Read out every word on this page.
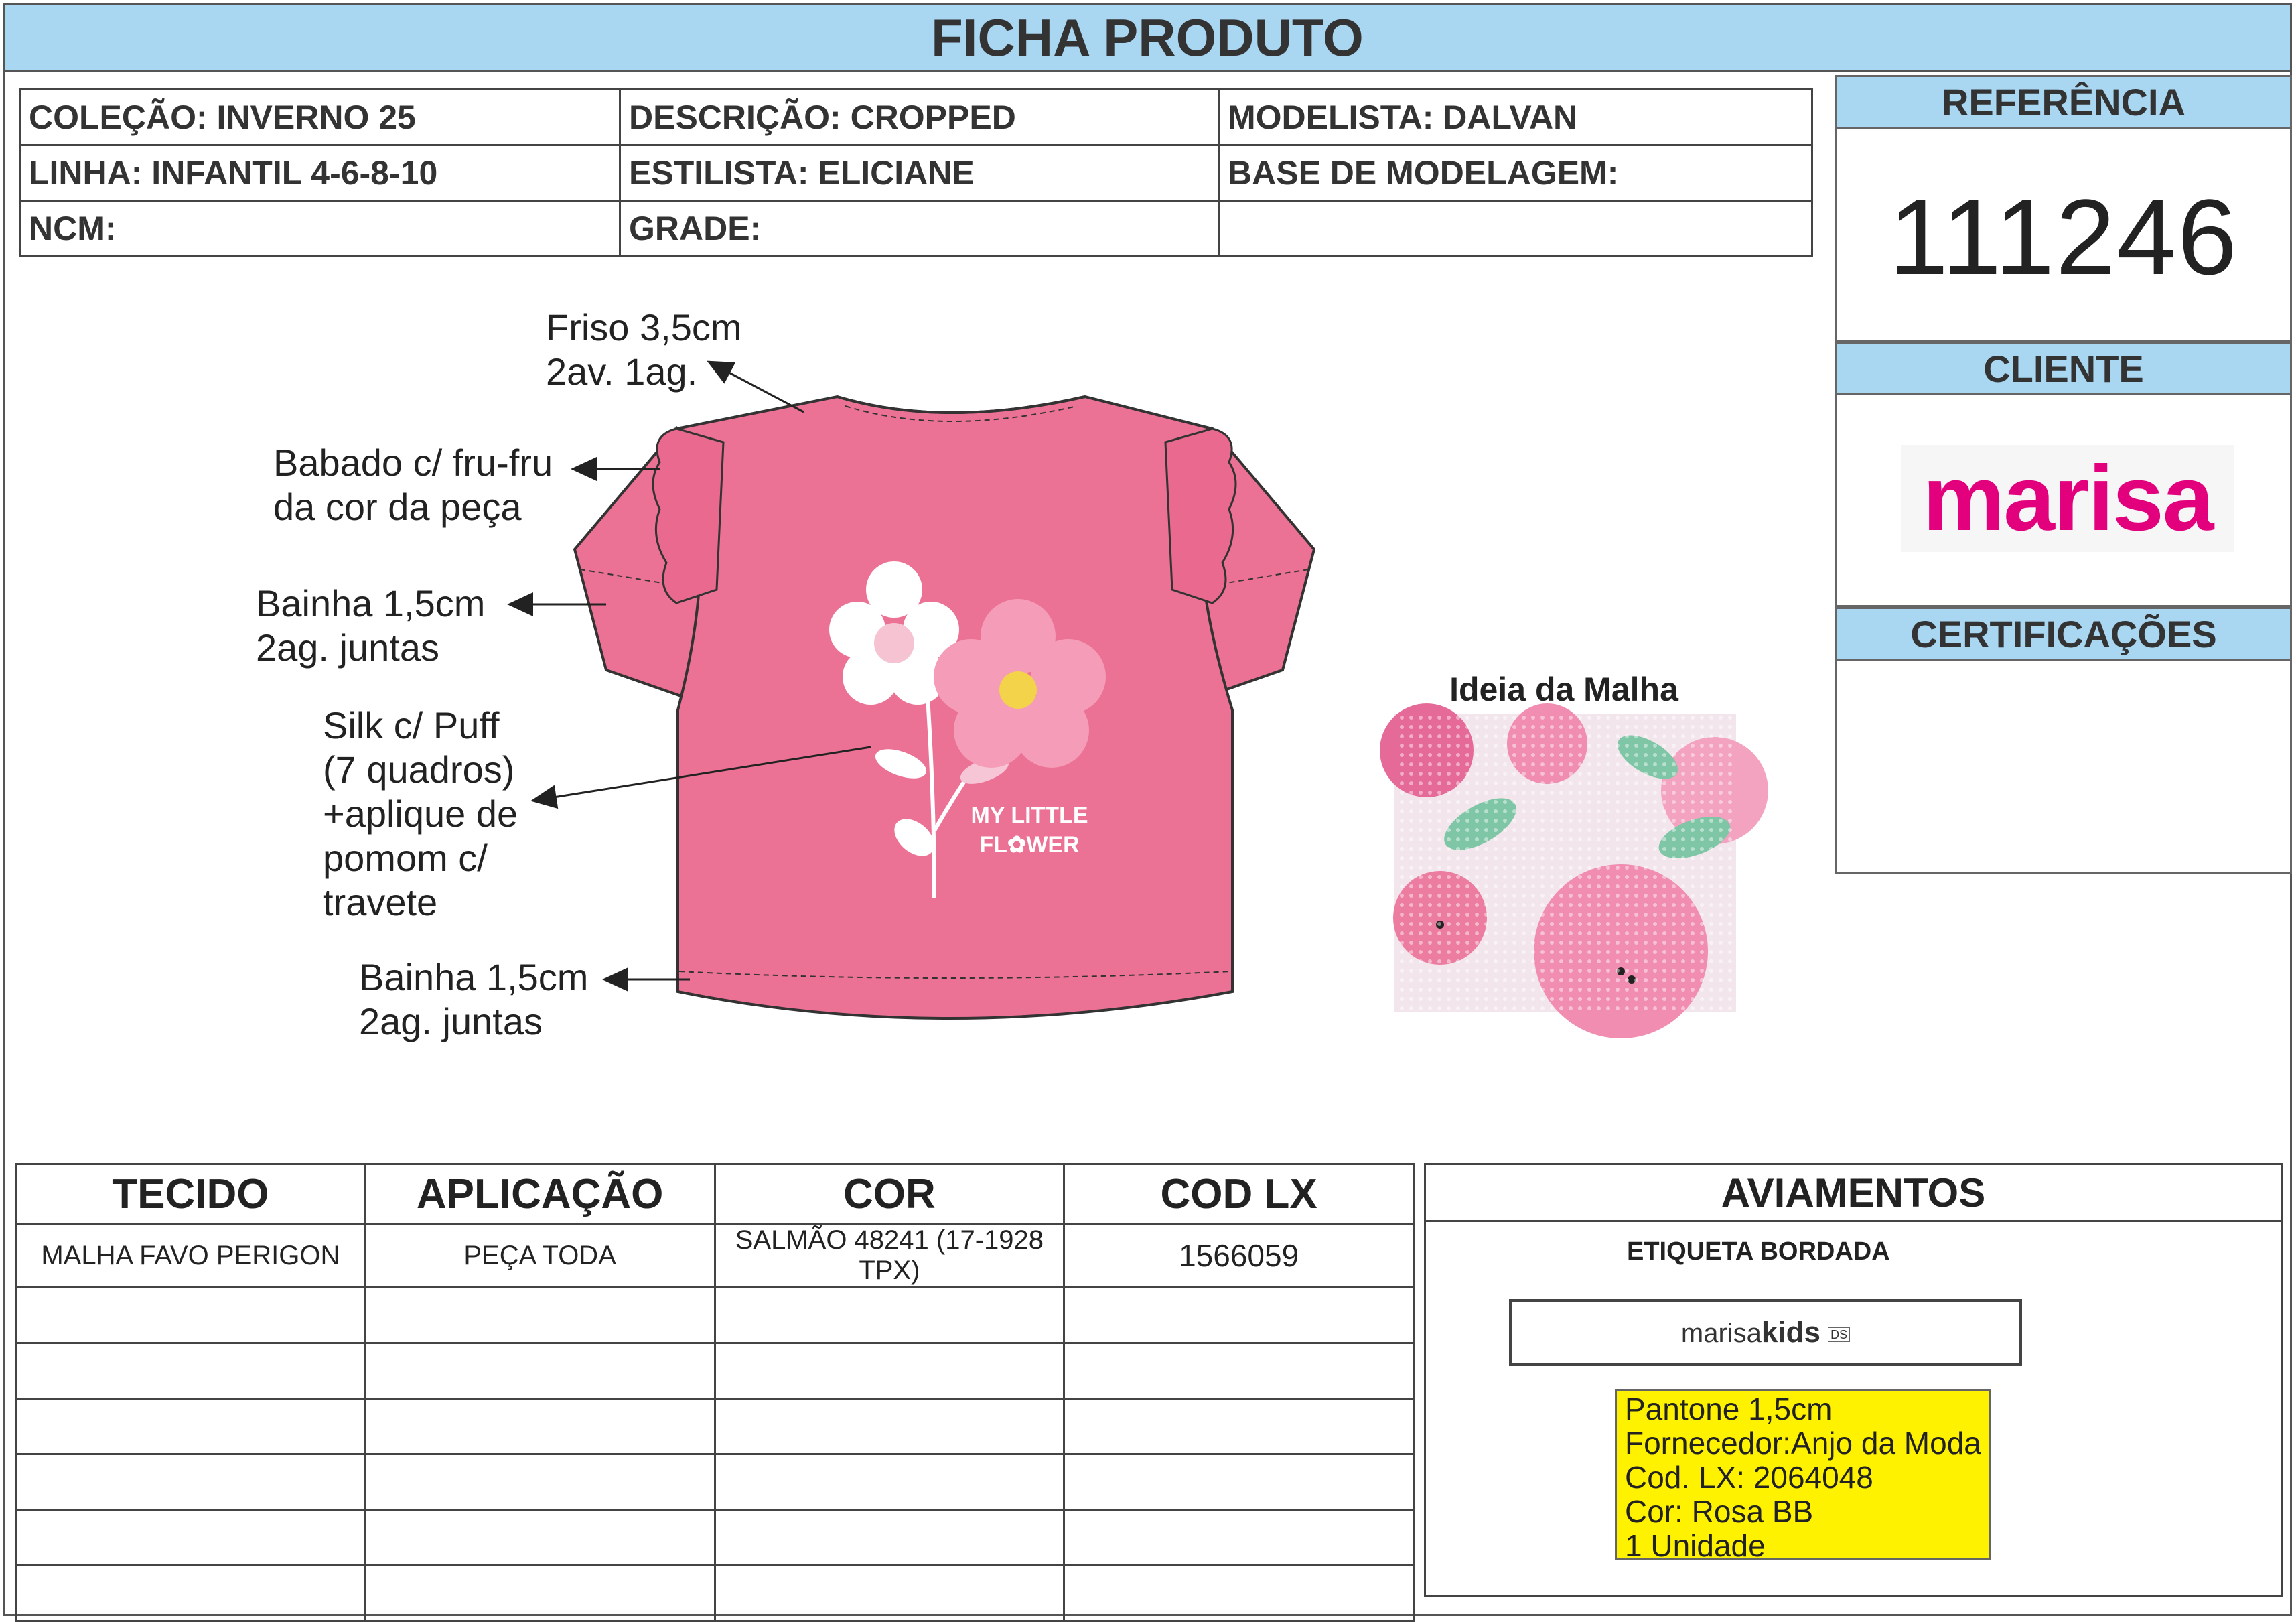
FICHA PRODUTO
COLEÇÃO: INVERNO 25	DESCRIÇÃO: CROPPED	MODELISTA: DALVAN
LINHA: INFANTIL 4-6-8-10	ESTILISTA: ELICIANE	BASE DE MODELAGEM:
NCM:	GRADE:	
REFERÊNCIA
111246
CLIENTE
marisa
CERTIFICAÇÕES
MY LITTLE
FL✿WER
Friso 3,5cm
2av. 1ag.
Babado c/ fru-fru
da cor da peça
Bainha 1,5cm
2ag. juntas
Silk c/ Puff
(7 quadros)
+aplique de
pomom c/
travete
Bainha 1,5cm
2ag. juntas
Ideia da Malha
TECIDO	APLICAÇÃO	COR	COD LX
MALHA FAVO PERIGON	PEÇA TODA	SALMÃO 48241 (17-1928 TPX)	1566059

AVIAMENTOS
ETIQUETA BORDADA
marisakids DS
Pantone 1,5cm
Fornecedor:Anjo da Moda
Cod. LX: 2064048
Cor: Rosa BB
1 Unidade
